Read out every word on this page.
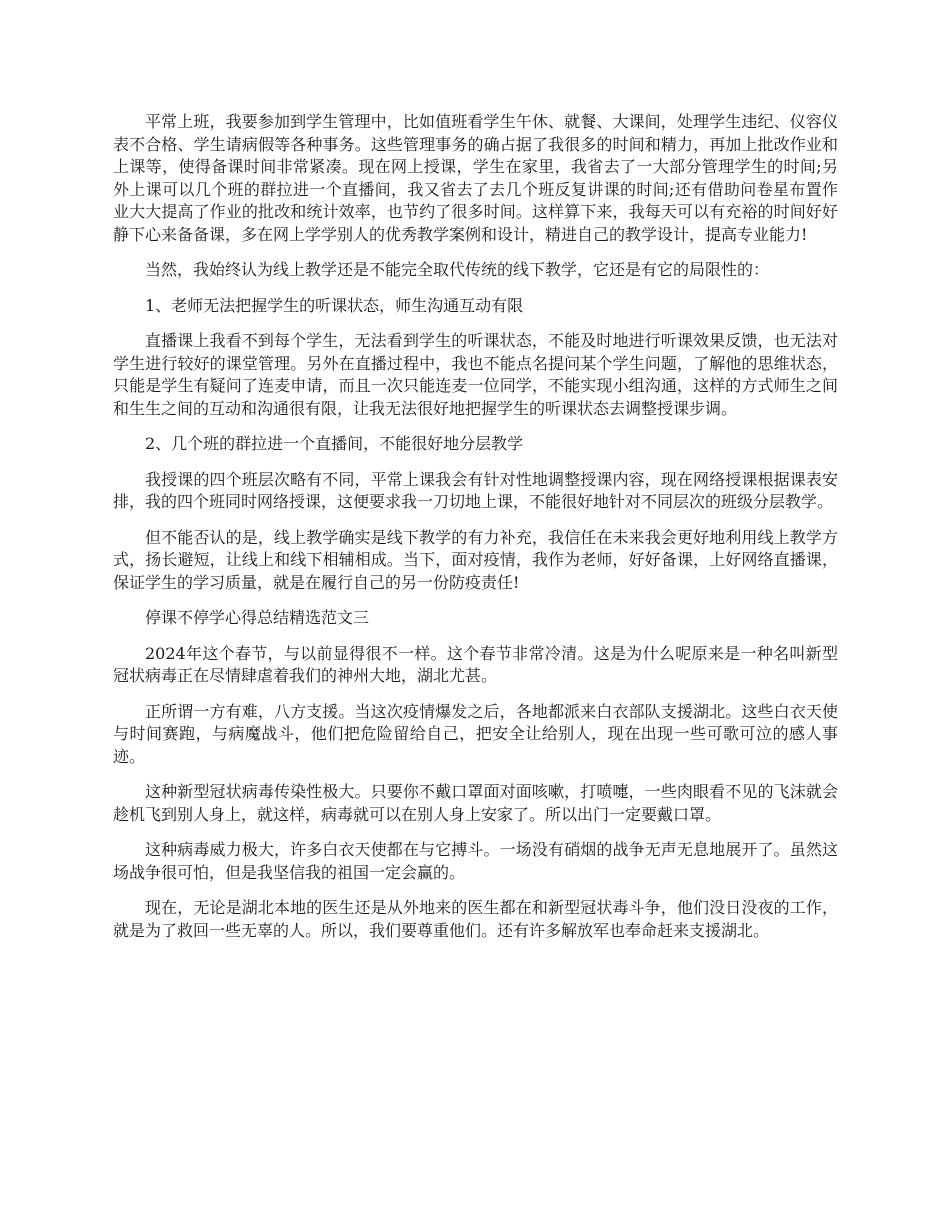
平常上班，我要参加到学生管理中，比如值班看学生午休、就餐、大课间，处理学生违纪、仪容仪表不合格、学生请病假等各种事务。这些管理事务的确占据了我很多的时间和精力，再加上批改作业和上课等，使得备课时间非常紧凑。现在网上授课，学生在家里，我省去了一大部分管理学生的时间;另外上课可以几个班的群拉进一个直播间，我又省去了去几个班反复讲课的时间;还有借助问卷星布置作业大大提高了作业的批改和统计效率，也节约了很多时间。这样算下来，我每天可以有充裕的时间好好静下心来备备课，多在网上学学别人的优秀教学案例和设计，精进自己的教学设计，提高专业能力!

当然，我始终认为线上教学还是不能完全取代传统的线下教学，它还是有它的局限性的：

1、老师无法把握学生的听课状态，师生沟通互动有限

直播课上我看不到每个学生，无法看到学生的听课状态，不能及时地进行听课效果反馈，也无法对学生进行较好的课堂管理。另外在直播过程中，我也不能点名提问某个学生问题，了解他的思维状态，只能是学生有疑问了连麦申请，而且一次只能连麦一位同学，不能实现小组沟通，这样的方式师生之间和生生之间的互动和沟通很有限，让我无法很好地把握学生的听课状态去调整授课步调。

2、几个班的群拉进一个直播间，不能很好地分层教学

我授课的四个班层次略有不同，平常上课我会有针对性地调整授课内容，现在网络授课根据课表安排，我的四个班同时网络授课，这便要求我一刀切地上课，不能很好地针对不同层次的班级分层教学。

但不能否认的是，线上教学确实是线下教学的有力补充，我信任在未来我会更好地利用线上教学方式，扬长避短，让线上和线下相辅相成。当下，面对疫情，我作为老师，好好备课，上好网络直播课，保证学生的学习质量，就是在履行自己的另一份防疫责任!

停课不停学心得总结精选范文三

2024年这个春节，与以前显得很不一样。这个春节非常冷清。这是为什么呢原来是一种名叫新型冠状病毒正在尽情肆虐着我们的神州大地，湖北尤甚。

正所谓一方有难，八方支援。当这次疫情爆发之后，各地都派来白衣部队支援湖北。这些白衣天使与时间赛跑，与病魔战斗，他们把危险留给自己，把安全让给别人，现在出现一些可歌可泣的感人事迹。

这种新型冠状病毒传染性极大。只要你不戴口罩面对面咳嗽，打喷嚏，一些肉眼看不见的飞沫就会趁机飞到别人身上，就这样，病毒就可以在别人身上安家了。所以出门一定要戴口罩。

这种病毒威力极大，许多白衣天使都在与它搏斗。一场没有硝烟的战争无声无息地展开了。虽然这场战争很可怕，但是我坚信我的祖国一定会赢的。

现在，无论是湖北本地的医生还是从外地来的医生都在和新型冠状毒斗争，他们没日没夜的工作，就是为了救回一些无辜的人。所以，我们要尊重他们。还有许多解放军也奉命赶来支援湖北。
